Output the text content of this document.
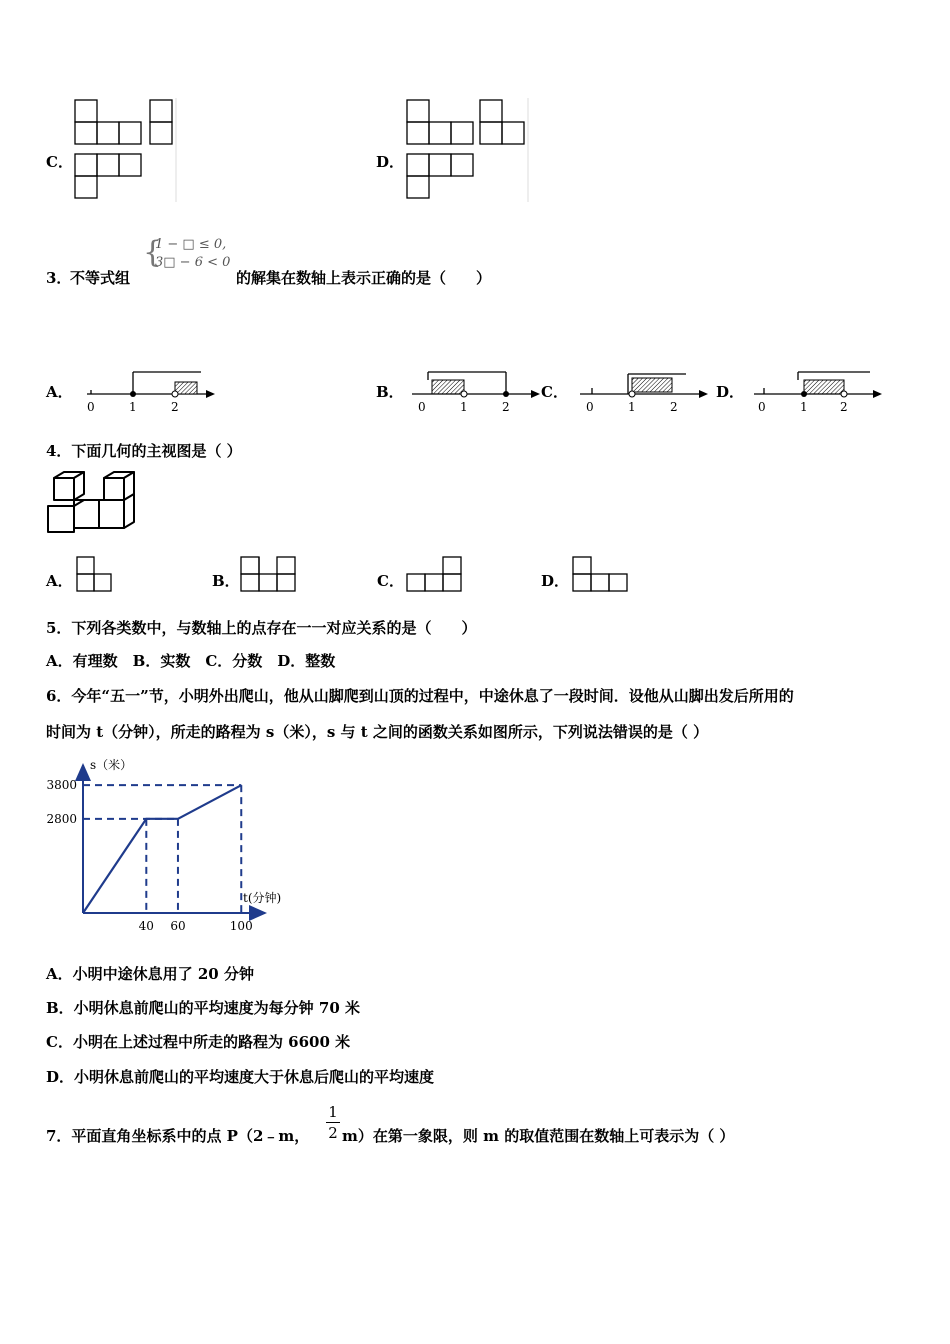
C．	D．
3．
不等式组
{
1 − □ ≤ 0,
3□ − 6 < 0
的解集在数轴上表示正确的是（　　）
A．
0	1	2
B．
0	1	2
C．
0	1	2
D．
0	1	2
4．下面几何的主视图是（ ）
A．	B．	C．	D．
5．下列各类数中，与数轴上的点存在一一对应关系的是（　　）
A．有理数　B．实数　C．分数　D．整数
6．今年“五一”节，小明外出爬山，他从山脚爬到山顶的过程中，中途休息了一段时间．设他从山脚出发后所用的
时间为 t（分钟），所走的路程为 s（米），s 与 t 之间的函数关系如图所示，下列说法错误的是（ ）
s（米）
t(分钟)
2800
3800
40 60	100
A．小明中途休息用了 20 分钟
B．小明休息前爬山的平均速度为每分钟 70 米
C．小明在上述过程中所走的路程为 6600 米
D．小明休息前爬山的平均速度大于休息后爬山的平均速度
7．平面直角坐标系中的点 P（2﹣m，
1
2 m）在第一象限，则 m 的取值范围在数轴上可表示为（ ）
